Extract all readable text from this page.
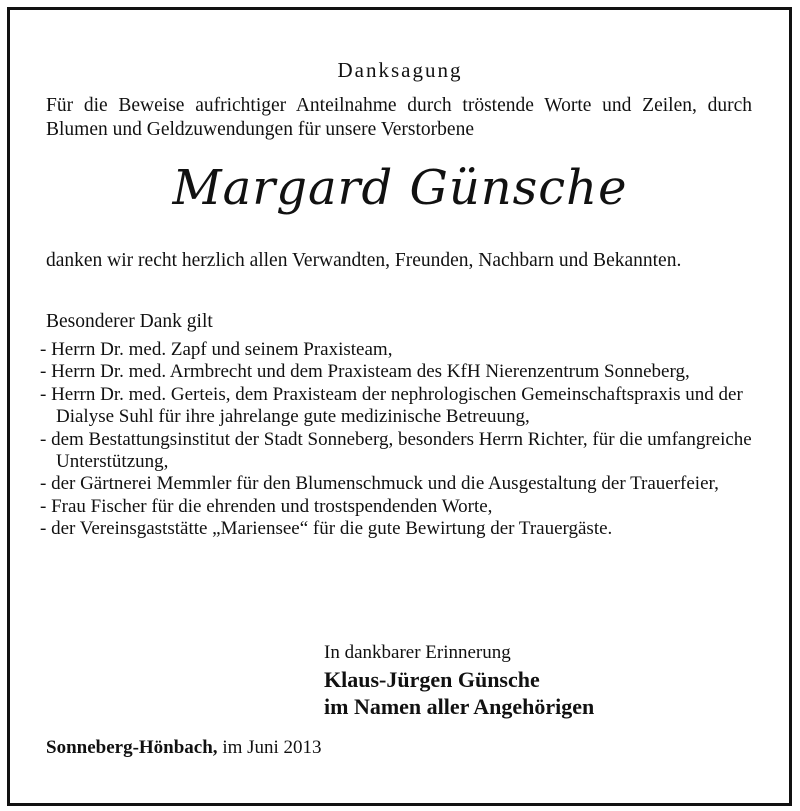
Danksagung
Für die Beweise aufrichtiger Anteilnahme durch tröstende Worte und Zeilen, durch Blumen und Geldzuwendungen für unsere Verstorbene
Margard Günsche
danken wir recht herzlich allen Verwandten, Freunden, Nachbarn und Bekannten.
Besonderer Dank gilt
- Herrn Dr. med. Zapf und seinem Praxisteam,
- Herrn Dr. med. Armbrecht und dem Praxisteam des KfH Nierenzentrum Sonneberg,
- Herrn Dr. med. Gerteis, dem Praxisteam der nephrologischen Gemeinschaftspraxis und der Dialyse Suhl für ihre jahrelange gute medizinische Betreuung,
- dem Bestattungsinstitut der Stadt Sonneberg, besonders Herrn Richter, für die umfangreiche Unterstützung,
- der Gärtnerei Memmler für den Blumenschmuck und die Ausgestaltung der Trauerfeier,
- Frau Fischer für die ehrenden und trostspendenden Worte,
- der Vereinsgaststätte „Mariensee“ für die gute Bewirtung der Trauergäste.
In dankbarer Erinnerung
Klaus-Jürgen Günsche
im Namen aller Angehörigen
Sonneberg-Hönbach, im Juni 2013
